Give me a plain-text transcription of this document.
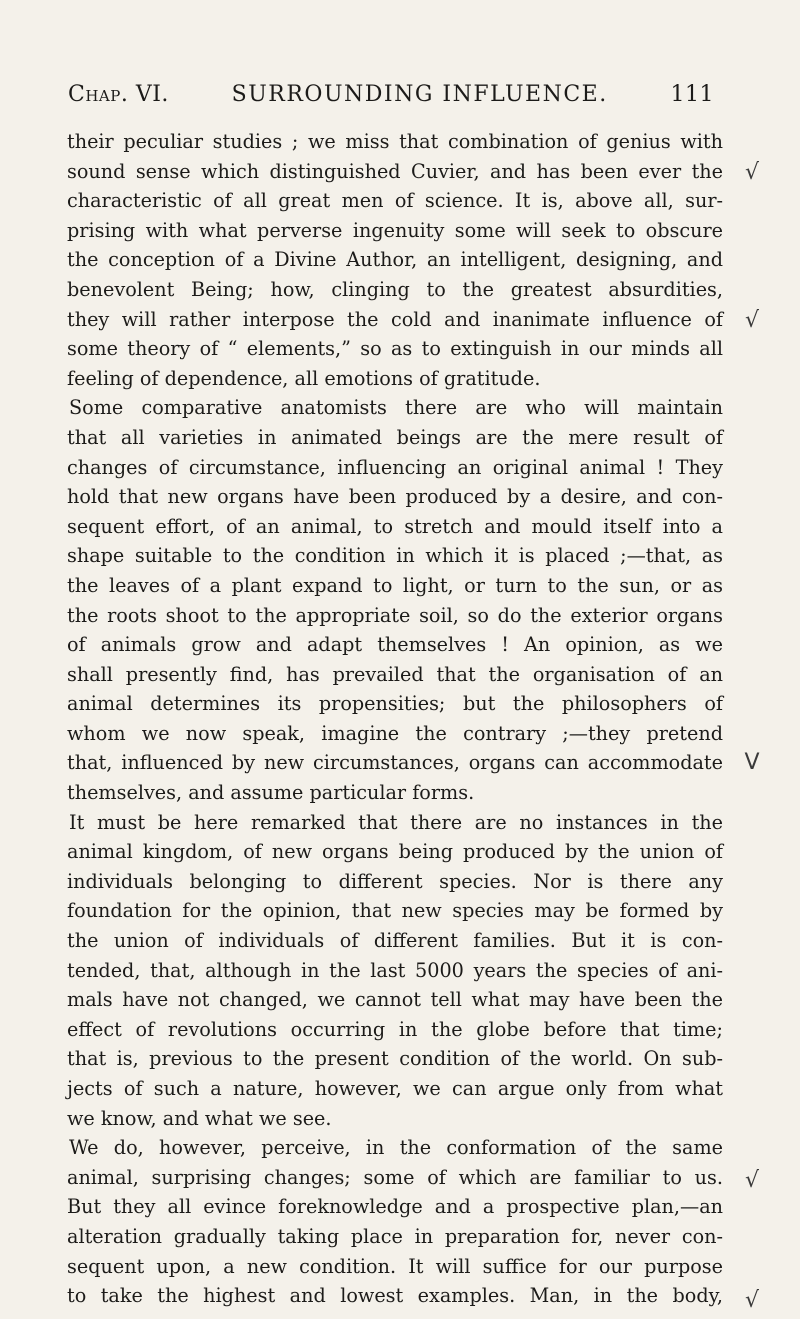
Chap. VI.	SURROUNDING INFLUENCE.	111
their peculiar studies ; we miss that combination of genius with
sound sense which distinguished Cuvier, and has been ever the
characteristic of all great men of science. It is, above all, sur-
prising with what perverse ingenuity some will seek to obscure
the conception of a Divine Author, an intelligent, designing, and
benevolent Being; how, clinging to the greatest absurdities,
they will rather interpose the cold and inanimate influence of
some theory of “ elements,” so as to extinguish in our minds all
feeling of dependence, all emotions of gratitude.
Some comparative anatomists there are who will maintain
that all varieties in animated beings are the mere result of
changes of circumstance, influencing an original animal ! They
hold that new organs have been produced by a desire, and con-
sequent effort, of an animal, to stretch and mould itself into a
shape suitable to the condition in which it is placed ;—that, as
the leaves of a plant expand to light, or turn to the sun, or as
the roots shoot to the appropriate soil, so do the exterior organs
of animals grow and adapt themselves ! An opinion, as we
shall presently find, has prevailed that the organisation of an
animal determines its propensities; but the philosophers of
whom we now speak, imagine the contrary ;—they pretend
that, influenced by new circumstances, organs can accommodate
themselves, and assume particular forms.
It must be here remarked that there are no instances in the
animal kingdom, of new organs being produced by the union of
individuals belonging to different species. Nor is there any
foundation for the opinion, that new species may be formed by
the union of individuals of different families. But it is con-
tended, that, although in the last 5000 years the species of ani-
mals have not changed, we cannot tell what may have been the
effect of revolutions occurring in the globe before that time;
that is, previous to the present condition of the world. On sub-
jects of such a nature, however, we can argue only from what
we know, and what we see.
We do, however, perceive, in the conformation of the same
animal, surprising changes; some of which are familiar to us.
But they all evince foreknowledge and a prospective plan,—an
alteration gradually taking place in preparation for, never con-
sequent upon, a new condition. It will suffice for our purpose
to take the highest and lowest examples. Man, in the body,
√
√
V
√
√
